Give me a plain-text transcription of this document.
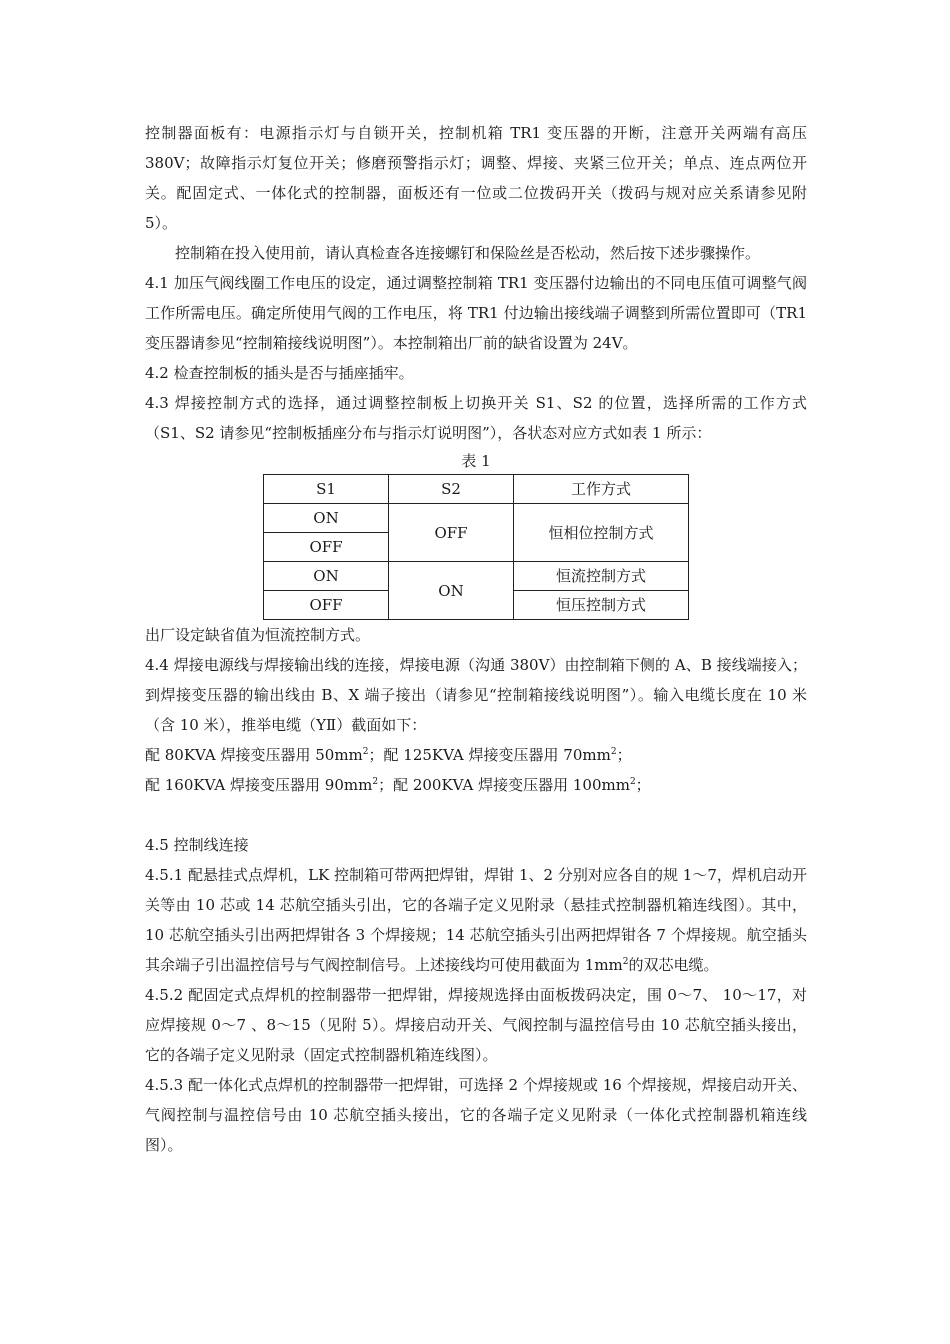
控制器面板有：电源指示灯与自锁开关，控制机箱 TR1 变压器的开断，注意开关两端有高压 380V；故障指示灯复位开关；修磨预警指示灯；调整、焊接、夹紧三位开关；单点、连点两位开关。配固定式、一体化式的控制器，面板还有一位或二位拨码开关（拨码与规对应关系请参见附 5）。

控制箱在投入使用前，请认真检查各连接螺钉和保险丝是否松动，然后按下述步骤操作。

4.1 加压气阀线圈工作电压的设定，通过调整控制箱 TR1 变压器付边输出的不同电压值可调整气阀工作所需电压。确定所使用气阀的工作电压，将 TR1 付边输出接线端子调整到所需位置即可（TR1 变压器请参见“控制箱接线说明图”）。本控制箱出厂前的缺省设置为 24V。

4.2 检查控制板的插头是否与插座插牢。

4.3 焊接控制方式的选择，通过调整控制板上切换开关 S1、S2 的位置，选择所需的工作方式（S1、S2 请参见“控制板插座分布与指示灯说明图”），各状态对应方式如表 1 所示：

表 1

S1	S2	工作方式
ON	OFF	恒相位控制方式
OFF		
ON	ON	恒流控制方式
OFF		恒压控制方式

出厂设定缺省值为恒流控制方式。

4.4 焊接电源线与焊接输出线的连接，焊接电源（沟通 380V）由控制箱下侧的 A、B 接线端接入；到焊接变压器的输出线由 B、X 端子接出（请参见“控制箱接线说明图”）。输入电缆长度在 10 米（含 10 米），推举电缆（YⅡ）截面如下：

配 80KVA 焊接变压器用 $50mm^2$；配 125KVA 焊接变压器用 $70mm^2$；

配 160KVA 焊接变压器用 $90mm^2$；配 200KVA 焊接变压器用 $100mm^2$；

4.5 控制线连接

4.5.1 配悬挂式点焊机，LK 控制箱可带两把焊钳，焊钳 1、2 分别对应各自的规 1～7，焊机启动开关等由 10 芯或 14 芯航空插头引出，它的各端子定义见附录（悬挂式控制器机箱连线图）。其中，10 芯航空插头引出两把焊钳各 3 个焊接规；14 芯航空插头引出两把焊钳各 7 个焊接规。航空插头其余端子引出温控信号与气阀控制信号。上述接线均可使用截面为 $1mm^2$的双芯电缆。

4.5.2 配固定式点焊机的控制器带一把焊钳，焊接规选择由面板拨码决定，围 0～7、 10～17，对应焊接规 0～7 、8～15（见附 5）。焊接启动开关、气阀控制与温控信号由 10 芯航空插头接出，它的各端子定义见附录（固定式控制器机箱连线图）。

4.5.3 配一体化式点焊机的控制器带一把焊钳，可选择 2 个焊接规或 16 个焊接规，焊接启动开关、气阀控制与温控信号由 10 芯航空插头接出，它的各端子定义见附录（一体化式控制器机箱连线图）。
